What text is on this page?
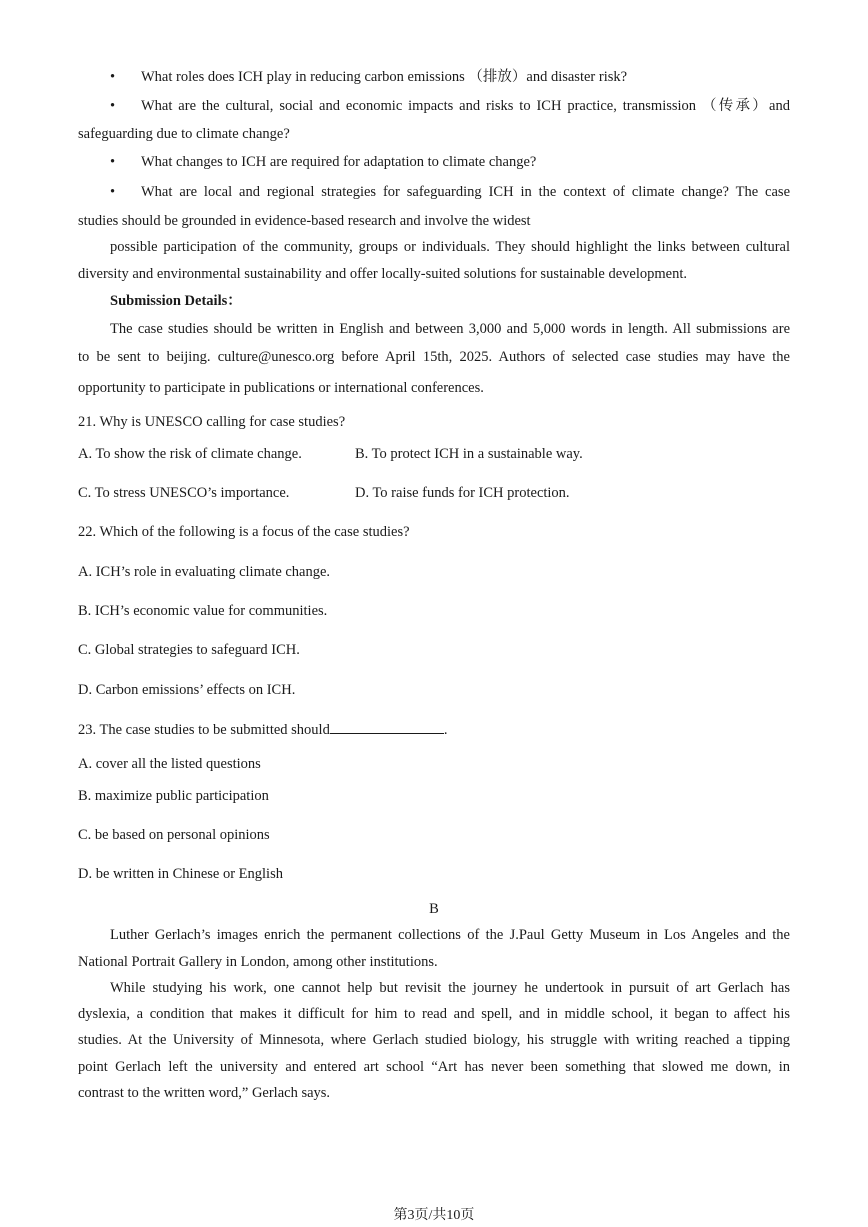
•	What roles does ICH play in reducing carbon emissions （排放）and disaster risk?
•	What are the cultural, social and economic impacts and risks to ICH practice, transmission （传承）and
safeguarding due to climate change?
•	What changes to ICH are required for adaptation to climate change?
•	What are local and regional strategies for safeguarding ICH in the context of climate change? The case
studies should be grounded in evidence-based research and involve the widest
possible participation of the community, groups or individuals. They should highlight the links between cultural
diversity and environmental sustainability and offer locally-suited solutions for sustainable development.
Submission Details：
The case studies should be written in English and between 3,000 and 5,000 words in length. All submissions are
to be sent to beijing. culture@unesco.org before April 15th, 2025. Authors of selected case studies may have the
opportunity to participate in publications or international conferences.
21. Why is UNESCO calling for case studies?
A. To show the risk of climate change.	B. To protect ICH in a sustainable way.
C. To stress UNESCO’s importance.	D. To raise funds for ICH protection.
22. Which of the following is a focus of the case studies?
A. ICH’s role in evaluating climate change.
B. ICH’s economic value for communities.
C. Global strategies to safeguard ICH.
D. Carbon emissions’ effects on ICH.
23. The case studies to be submitted should	.
A. cover all the listed questions
B. maximize public participation
C. be based on personal opinions
D. be written in Chinese or English
B
Luther Gerlach’s images enrich the permanent collections of the J.Paul Getty Museum in Los Angeles and the
National Portrait Gallery in London, among other institutions.
While studying his work, one cannot help but revisit the journey he undertook in pursuit of art Gerlach has
dyslexia, a condition that makes it difficult for him to read and spell, and in middle school, it began to affect his
studies. At the University of Minnesota, where Gerlach studied biology, his struggle with writing reached a tipping
point Gerlach left the university and entered art school “Art has never been something that slowed me down, in
contrast to the written word,” Gerlach says.
第3页/共10页
